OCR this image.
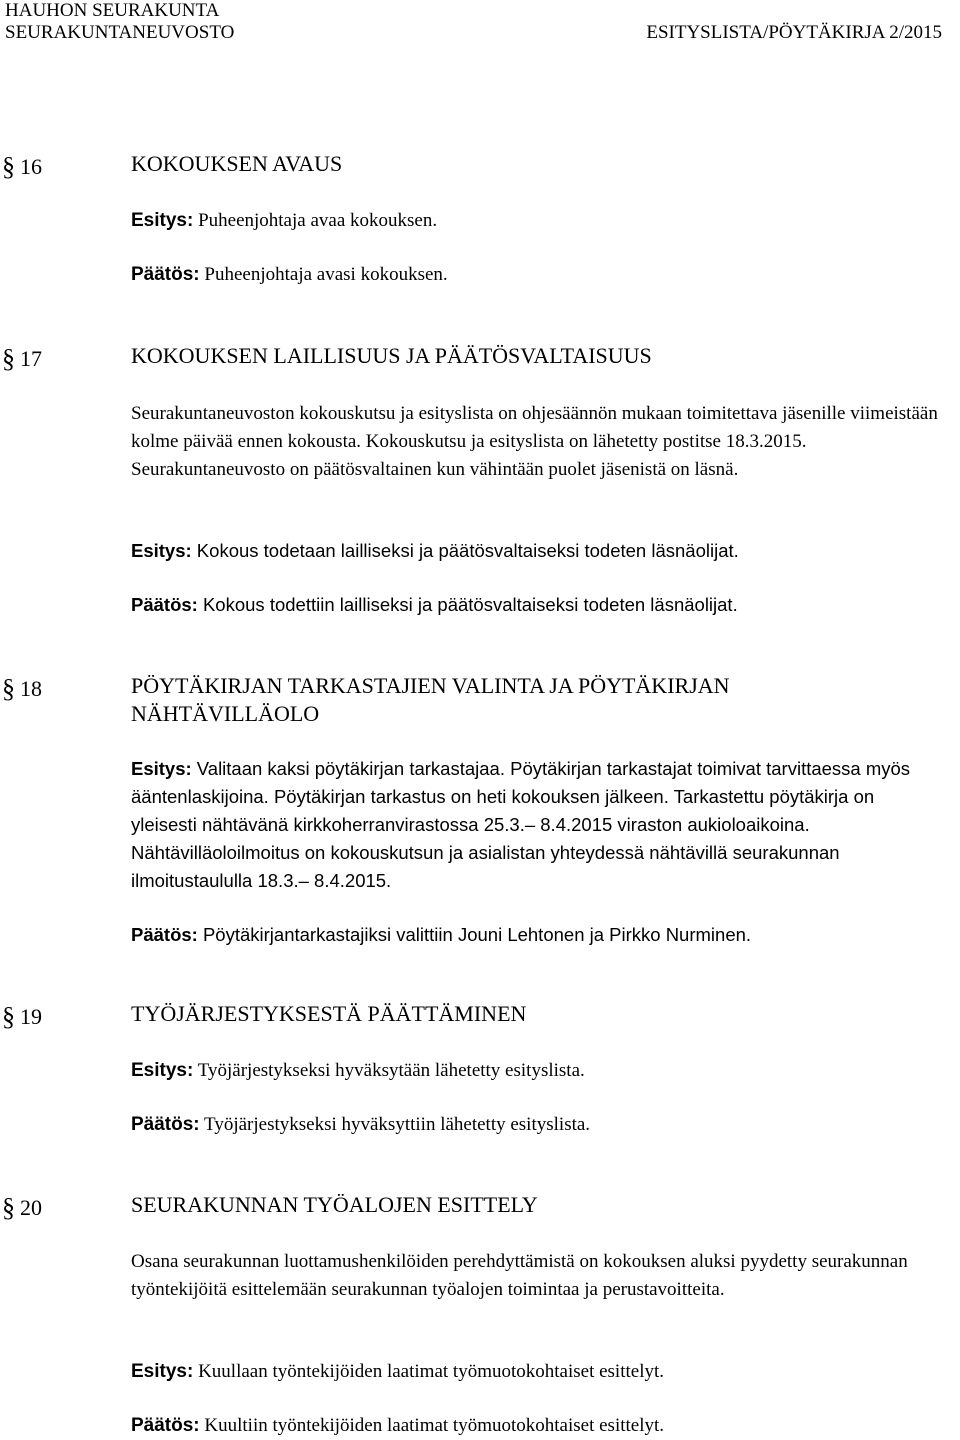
HAUHON SEURAKUNTA
SEURAKUNTANEUVOSTO	ESITYSLISTA/PÖYTÄKIRJA 2/2015
§ 16	KOKOUKSEN AVAUS
Esitys: Puheenjohtaja avaa kokouksen.
Päätös: Puheenjohtaja avasi kokouksen.
§ 17	KOKOUKSEN LAILLISUUS JA PÄÄTÖSVALTAISUUS
Seurakuntaneuvoston kokouskutsu ja esityslista on ohjesäännön mukaan toimitettava jäsenille viimeistään kolme päivää ennen kokousta. Kokouskutsu ja esityslista on lähetetty postitse 18.3.2015. Seurakuntaneuvosto on päätösvaltainen kun vähintään puolet jäsenistä on läsnä.
Esitys: Kokous todetaan lailliseksi ja päätösvaltaiseksi todeten läsnäolijat.
Päätös: Kokous todettiin lailliseksi ja päätösvaltaiseksi todeten läsnäolijat.
§ 18	PÖYTÄKIRJAN TARKASTAJIEN VALINTA JA PÖYTÄKIRJAN
NÄHTÄVILLÄOLO
Esitys: Valitaan kaksi pöytäkirjan tarkastajaa. Pöytäkirjan tarkastajat toimivat tarvittaessa myös ääntenlaskijoina. Pöytäkirjan tarkastus on heti kokouksen jälkeen. Tarkastettu pöytäkirja on yleisesti nähtävänä kirkkoherranvirastossa 25.3.– 8.4.2015 viraston aukioloaikoina. Nähtävilläoloilmoitus on kokouskutsun ja asialistan yhteydessä nähtävillä seurakunnan ilmoitustaululla 18.3.– 8.4.2015.
Päätös: Pöytäkirjantarkastajiksi valittiin Jouni Lehtonen ja Pirkko Nurminen.
§ 19	TYÖJÄRJESTYKSESTÄ PÄÄTTÄMINEN
Esitys: Työjärjestykseksi hyväksytään lähetetty esityslista.
Päätös: Työjärjestykseksi hyväksyttiin lähetetty esityslista.
§ 20	SEURAKUNNAN TYÖALOJEN ESITTELY
Osana seurakunnan luottamushenkilöiden perehdyttämistä on kokouksen aluksi pyydetty seurakunnan työntekijöitä esittelemään seurakunnan työalojen toimintaa ja perustavoitteita.
Esitys: Kuullaan työntekijöiden laatimat työmuotokohtaiset esittelyt.
Päätös: Kuultiin työntekijöiden laatimat työmuotokohtaiset esittelyt.
